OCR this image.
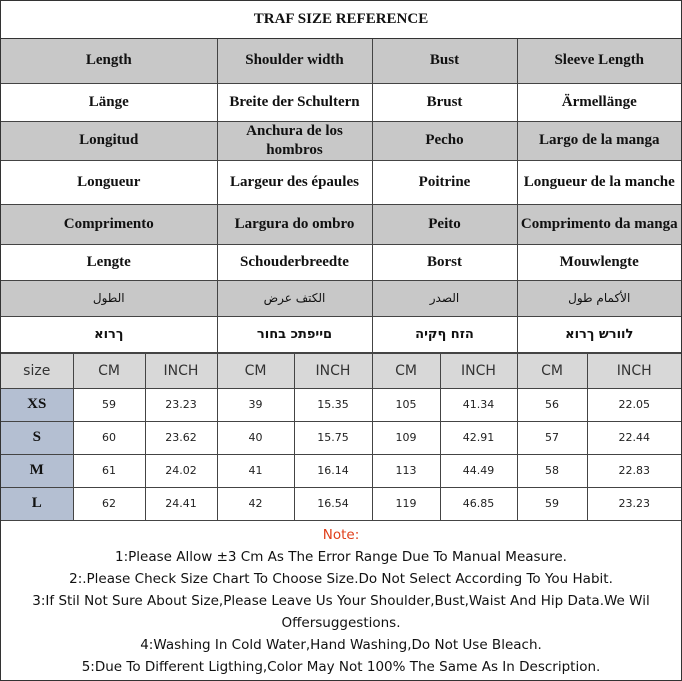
TRAF SIZE REFERENCE
Length	Shoulder width	Bust	Sleeve Length
Länge	Breite der Schultern	Brust	Ärmellänge
Longitud	Anchura de los hombros	Pecho	Largo de la manga
Longueur	Largeur des épaules	Poitrine	Longueur de la manche
Comprimento	Largura do ombro	Peito	Comprimento da manga
Lengte	Schouderbreedte	Borst	Mouwlengte
الطول	الكتف عرض	الصدر	الأكمام طول
ךרוא	םייפתכ בחור	הזח ףקיה	לוורש ךרוא
size	CM	INCH	CM	INCH	CM	INCH	CM	INCH
XS	59	23.23	39	15.35	105	41.34	56	22.05
S	60	23.62	40	15.75	109	42.91	57	22.44
M	61	24.02	41	16.14	113	44.49	58	22.83
L	62	24.41	42	16.54	119	46.85	59	23.23
Note:
1:Please Allow ±3 Cm As The Error Range Due To Manual Measure.
2:.Please Check Size Chart To Choose Size.Do Not Select According To You Habit.
3:If Stil Not Sure About Size,Please Leave Us Your Shoulder,Bust,Waist And Hip Data.We Wil
Offersuggestions.
4:Washing In Cold Water,Hand Washing,Do Not Use Bleach.
5:Due To Different Ligthing,Color May Not 100% The Same As In Description.
